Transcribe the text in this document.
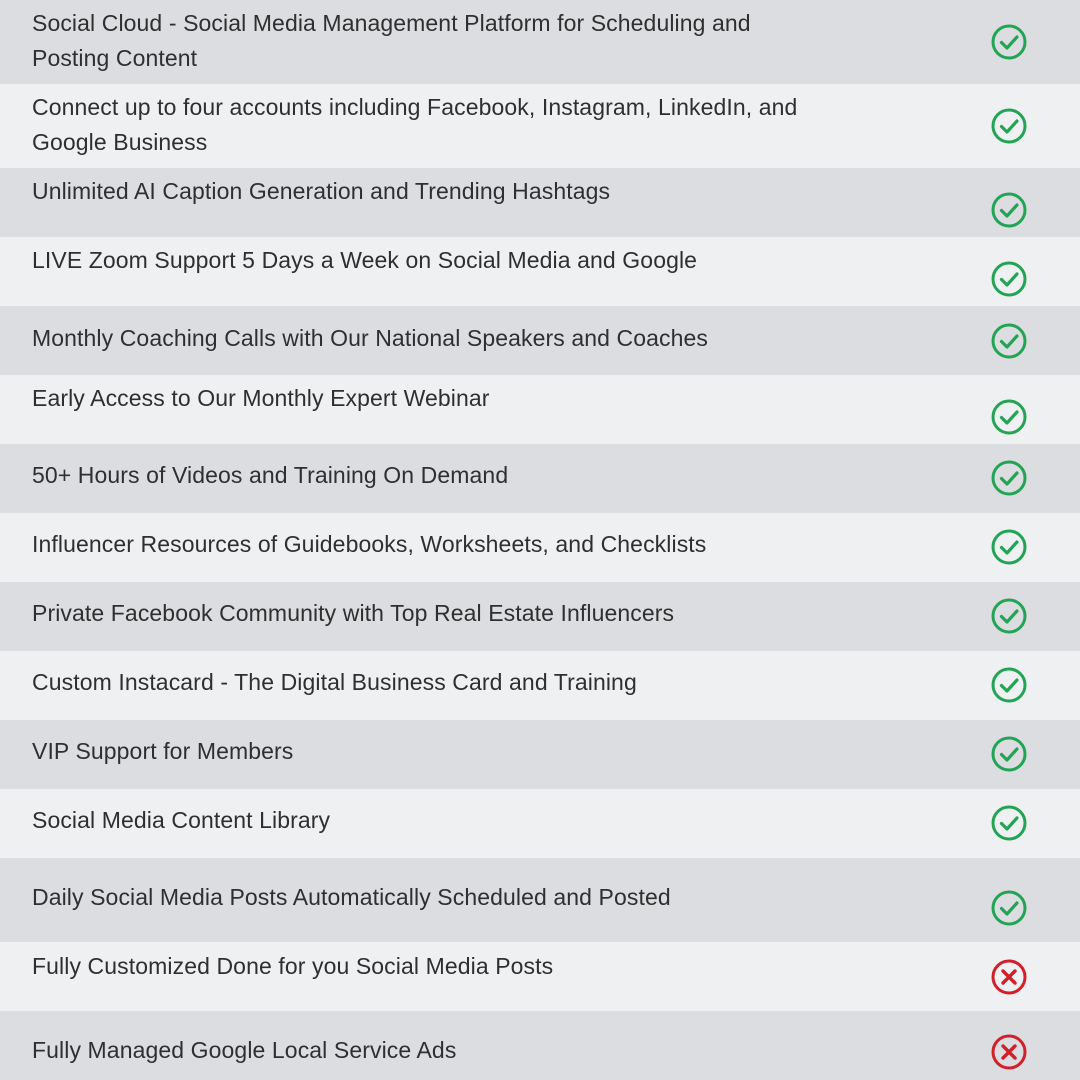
Social Cloud - Social Media Management Platform for Scheduling and Posting Content

Connect up to four accounts including Facebook, Instagram, LinkedIn, and Google Business

Unlimited AI Caption Generation and Trending Hashtags

LIVE Zoom Support 5 Days a Week on Social Media and Google

Monthly Coaching Calls with Our National Speakers and Coaches

Early Access to Our Monthly Expert Webinar

50+ Hours of Videos and Training On Demand

Influencer Resources of Guidebooks, Worksheets, and Checklists

Private Facebook Community with Top Real Estate Influencers

Custom Instacard - The Digital Business Card and Training

VIP Support for Members

Social Media Content Library

Daily Social Media Posts Automatically Scheduled and Posted

Fully Customized Done for you Social Media Posts

Fully Managed Google Local Service Ads
